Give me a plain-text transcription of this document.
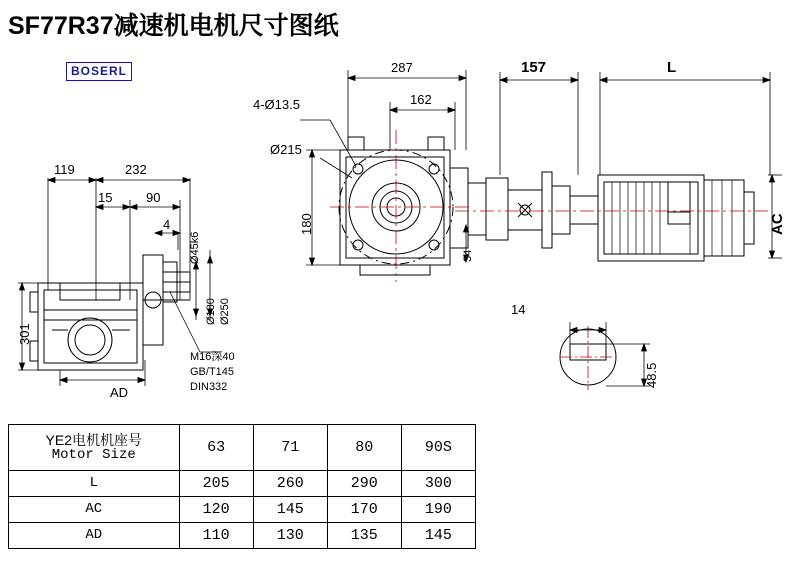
SF77R37减速机电机尺寸图纸
BOSERL
119	232
15	90
4
Ø45k6
Ø180 Ø250
301
AD
M16深40
GB/T145
DIN332
287
162
157	L
4-Ø13.5
Ø215
180
34
AC
14
48.5
YE2电机机座号
Motor Size	63	71	80	90S
L	205	260	290	300
AC	120	145	170	190
AD	110	130	135	145
